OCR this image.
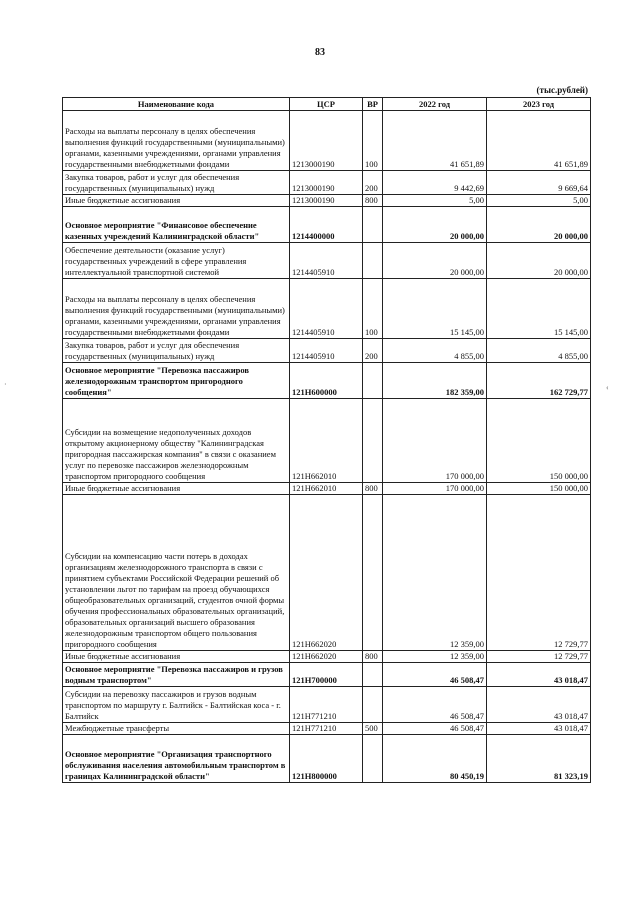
83
(тыс.рублей)
Наименование кода	ЦСР	ВР	2022 год	2023 год
Расходы на выплаты персоналу в целях обеспечения выполнения функций государственными (муниципальными) органами, казенными учреждениями, органами управления государственными внебюджетными фондами	1213000190	100	41 651,89	41 651,89
Закупка товаров, работ и услуг для обеспечения государственных (муниципальных) нужд	1213000190	200	9 442,69	9 669,64
Иные бюджетные ассигнования	1213000190	800	5,00	5,00
Основное мероприятие "Финансовое обеспечение казенных учреждений Калининградской области"	1214400000		20 000,00	20 000,00
Обеспечение деятельности (оказание услуг) государственных учреждений в сфере управления интеллектуальной транспортной системой	1214405910		20 000,00	20 000,00
Расходы на выплаты персоналу в целях обеспечения выполнения функций государственными (муниципальными) органами, казенными учреждениями, органами управления государственными внебюджетными фондами	1214405910	100	15 145,00	15 145,00
Закупка товаров, работ и услуг для обеспечения государственных (муниципальных) нужд	1214405910	200	4 855,00	4 855,00
Основное мероприятие "Перевозка пассажиров железнодорожным транспортом пригородного сообщения"	121Н600000		182 359,00	162 729,77
Субсидии на возмещение недополученных доходов открытому акционерному обществу "Калининградская пригородная пассажирская компания" в связи с оказанием услуг по перевозке пассажиров железнодорожным транспортом пригородного сообщения	121Н662010		170 000,00	150 000,00
Иные бюджетные ассигнования	121Н662010	800	170 000,00	150 000,00
Субсидии на компенсацию части потерь в доходах организациям железнодорожного транспорта в связи с принятием субъектами Российской Федерации решений об установлении льгот по тарифам на проезд обучающихся общеобразовательных организаций, студентов очной формы обучения профессиональных образовательных организаций, образовательных организаций высшего образования железнодорожным транспортом общего пользования пригородного сообщения	121Н662020		12 359,00	12 729,77
Иные бюджетные ассигнования	121Н662020	800	12 359,00	12 729,77
Основное мероприятие "Перевозка пассажиров и грузов водным транспортом"	121Н700000		46 508,47	43 018,47
Субсидии на перевозку пассажиров и грузов водным транспортом по маршруту г. Балтийск - Балтийская коса - г. Балтийск	121Н771210		46 508,47	43 018,47
Межбюджетные трансферты	121Н771210	500	46 508,47	43 018,47
Основное мероприятие "Организация транспортного обслуживания населения автомобильным транспортом в границах Калининградской области"	121Н800000		80 450,19	81 323,19
·	‹
